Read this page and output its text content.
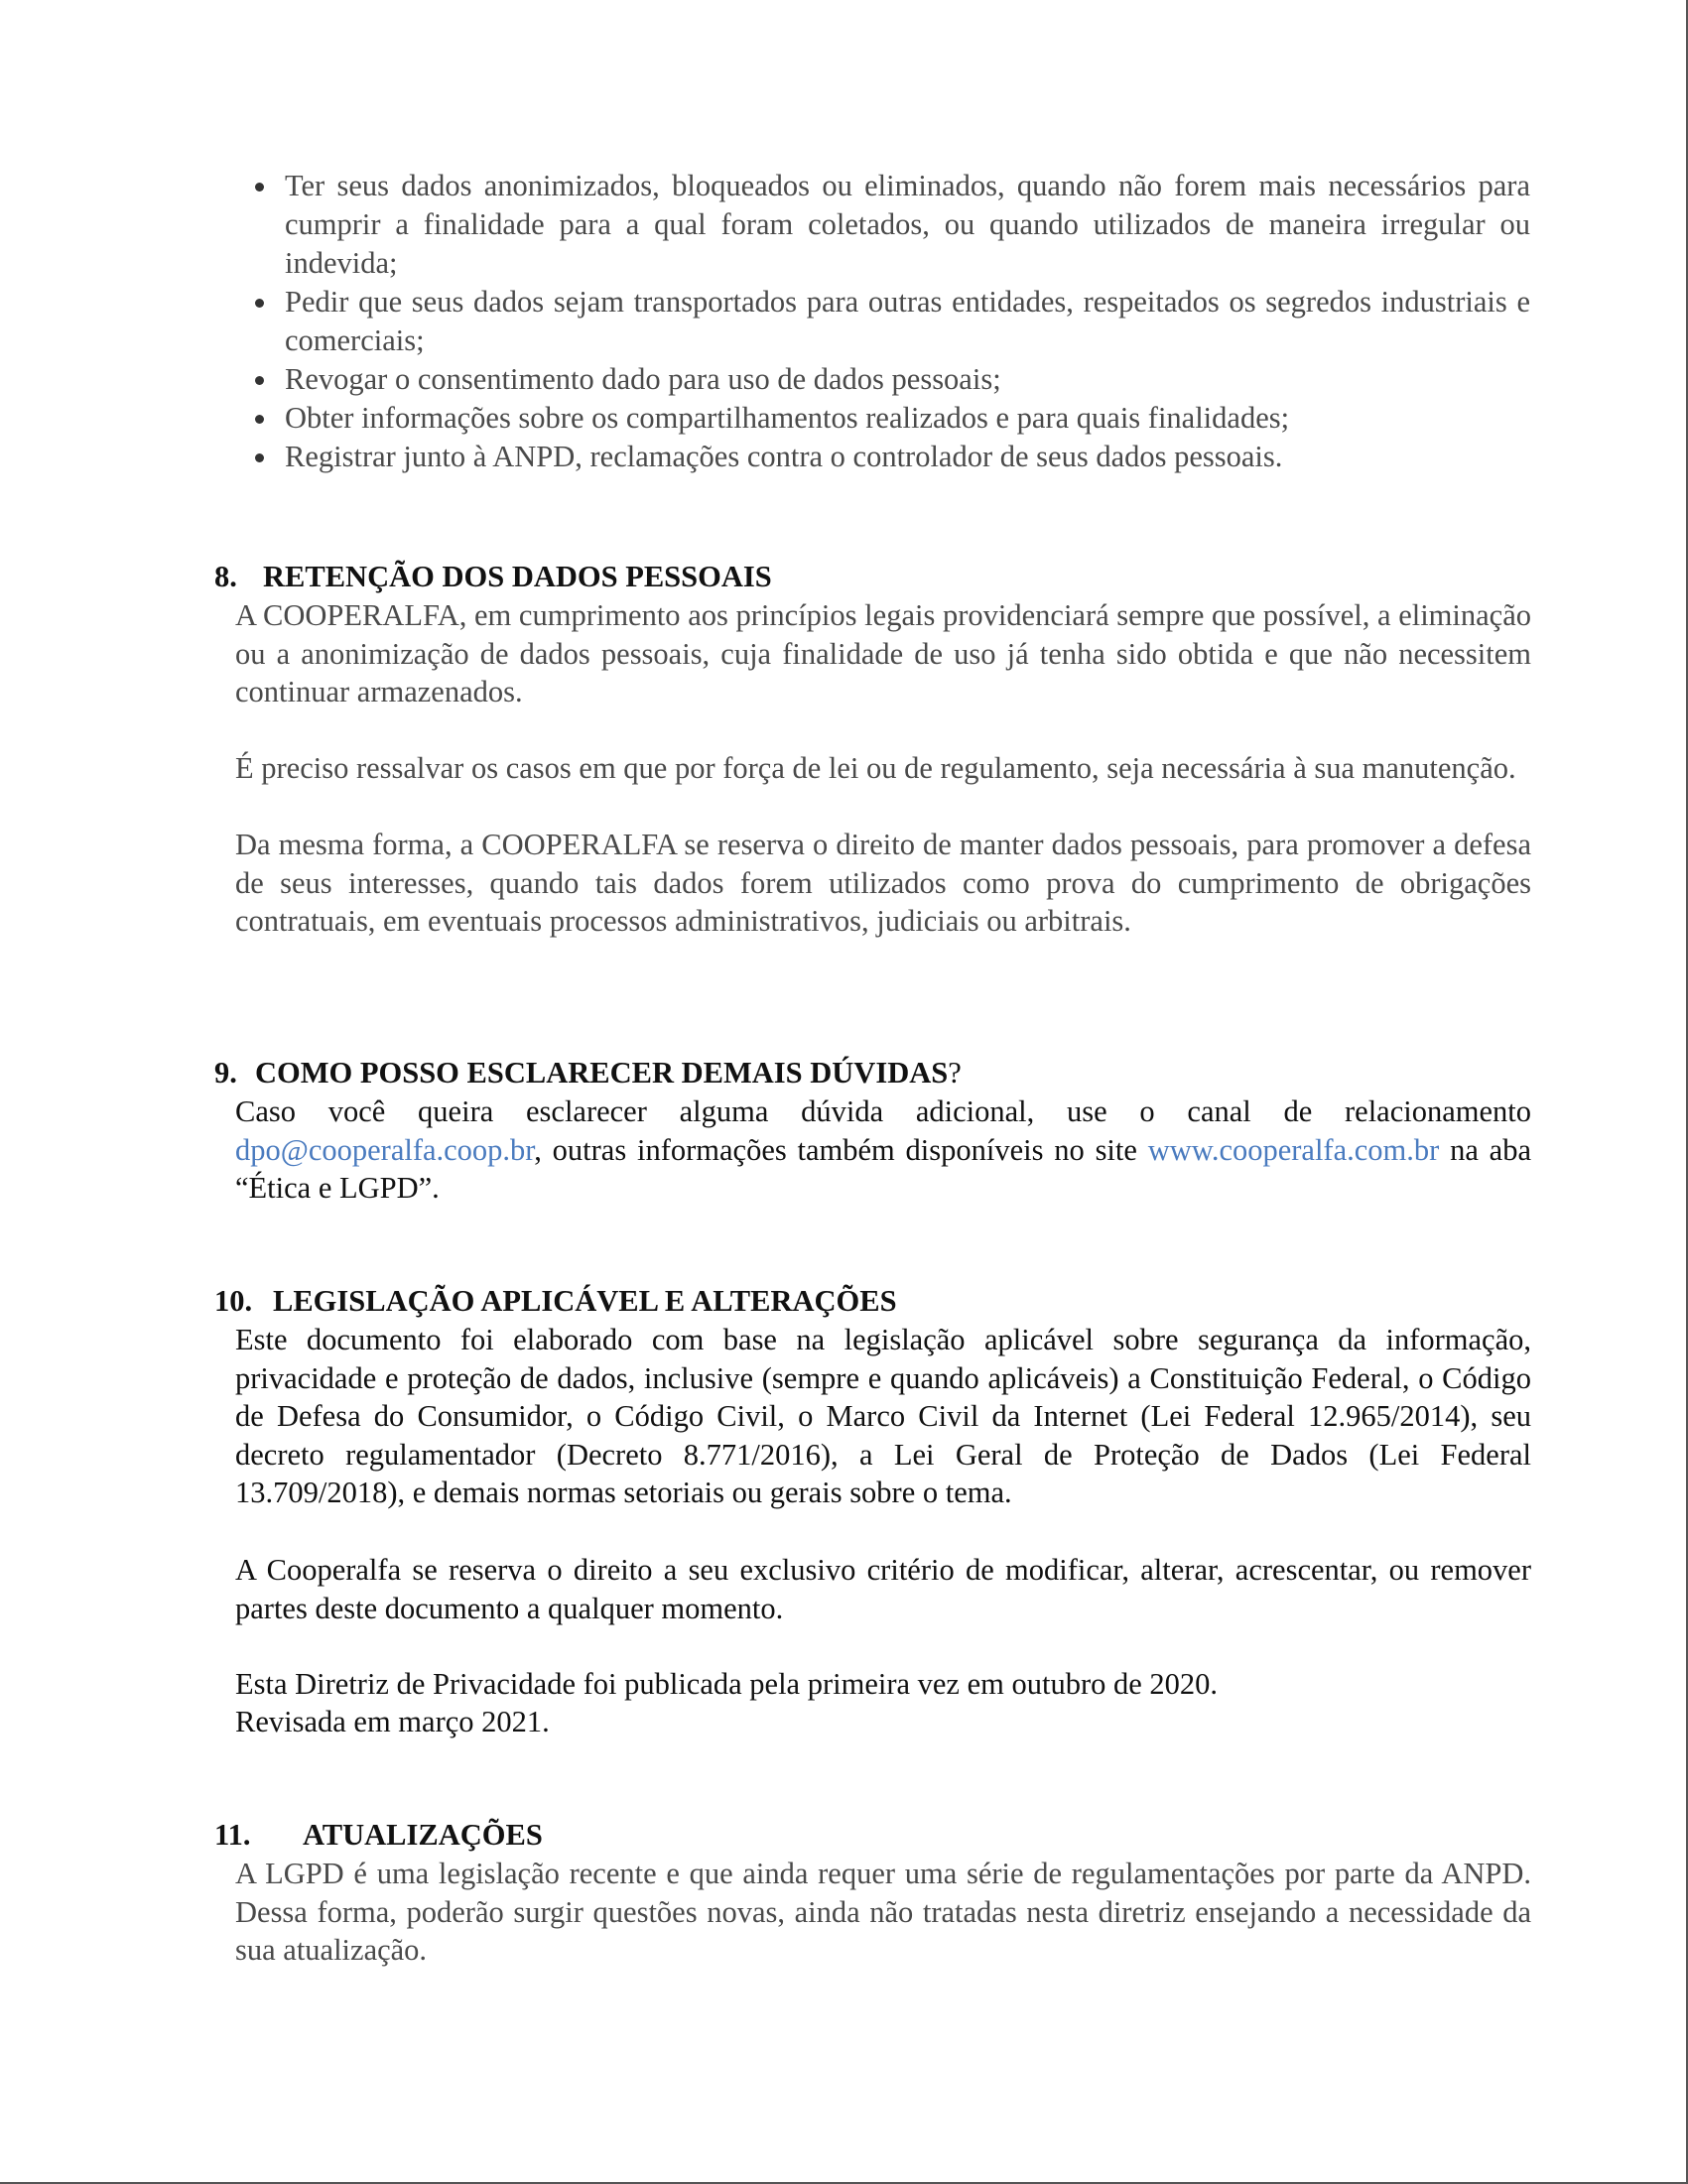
Ter seus dados anonimizados, bloqueados ou eliminados, quando não forem mais necessários para cumprir a finalidade para a qual foram coletados, ou quando utilizados de maneira irregular ou indevida;
Pedir que seus dados sejam transportados para outras entidades, respeitados os segredos industriais e comerciais;
Revogar o consentimento dado para uso de dados pessoais;
Obter informações sobre os compartilhamentos realizados e para quais finalidades;
Registrar junto à ANPD, reclamações contra o controlador de seus dados pessoais.
8. RETENÇÃO DOS DADOS PESSOAIS
A COOPERALFA, em cumprimento aos princípios legais providenciará sempre que possível, a eliminação ou a anonimização de dados pessoais, cuja finalidade de uso já tenha sido obtida e que não necessitem continuar armazenados.
É preciso ressalvar os casos em que por força de lei ou de regulamento, seja necessária à sua manutenção.
Da mesma forma, a COOPERALFA se reserva o direito de manter dados pessoais, para promover a defesa de seus interesses, quando tais dados forem utilizados como prova do cumprimento de obrigações contratuais, em eventuais processos administrativos, judiciais ou arbitrais.
9. COMO POSSO ESCLARECER DEMAIS DÚVIDAS?
Caso você queira esclarecer alguma dúvida adicional, use o canal de relacionamento dpo@cooperalfa.coop.br, outras informações também disponíveis no site www.cooperalfa.com.br na aba “Ética e LGPD”.
10. LEGISLAÇÃO APLICÁVEL E ALTERAÇÕES
Este documento foi elaborado com base na legislação aplicável sobre segurança da informação, privacidade e proteção de dados, inclusive (sempre e quando aplicáveis) a Constituição Federal, o Código de Defesa do Consumidor, o Código Civil, o Marco Civil da Internet (Lei Federal 12.965/2014), seu decreto regulamentador (Decreto 8.771/2016), a Lei Geral de Proteção de Dados (Lei Federal 13.709/2018), e demais normas setoriais ou gerais sobre o tema.
A Cooperalfa se reserva o direito a seu exclusivo critério de modificar, alterar, acrescentar, ou remover partes deste documento a qualquer momento.
Esta Diretriz de Privacidade foi publicada pela primeira vez em outubro de 2020.
Revisada em março 2021.
11. ATUALIZAÇÕES
A LGPD é uma legislação recente e que ainda requer uma série de regulamentações por parte da ANPD. Dessa forma, poderão surgir questões novas, ainda não tratadas nesta diretriz ensejando a necessidade da sua atualização.
